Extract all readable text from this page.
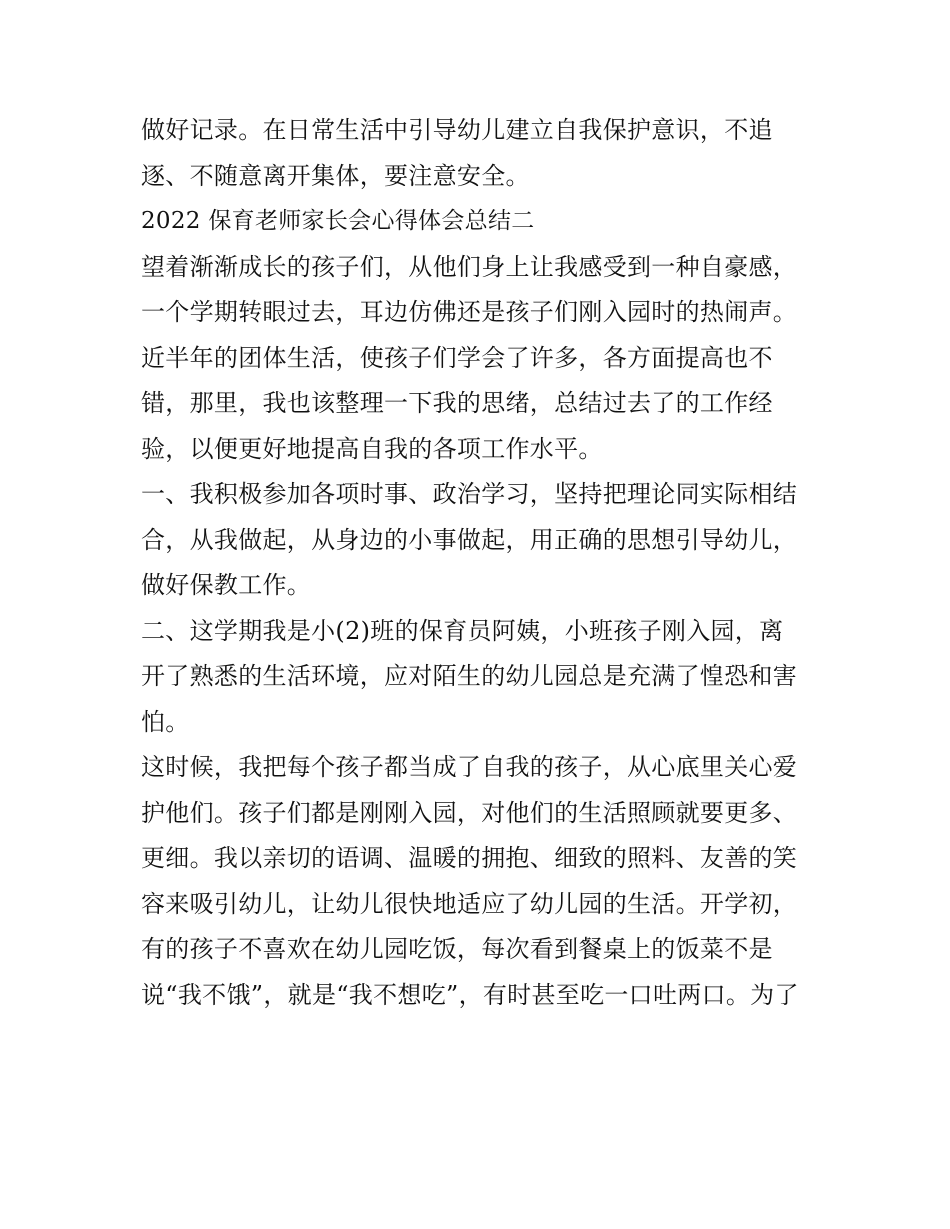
做好记录。在日常生活中引导幼儿建立自我保护意识，不追

逐、不随意离开集体，要注意安全。

2022 保育老师家长会心得体会总结二

望着渐渐成长的孩子们，从他们身上让我感受到一种自豪感，

一个学期转眼过去，耳边仿佛还是孩子们刚入园时的热闹声。

近半年的团体生活，使孩子们学会了许多，各方面提高也不

错，那里，我也该整理一下我的思绪，总结过去了的工作经

验，以便更好地提高自我的各项工作水平。

一、我积极参加各项时事、政治学习，坚持把理论同实际相结

合，从我做起，从身边的小事做起，用正确的思想引导幼儿，

做好保教工作。

二、这学期我是小(2)班的保育员阿姨，小班孩子刚入园，离

开了熟悉的生活环境，应对陌生的幼儿园总是充满了惶恐和害

怕。

这时候，我把每个孩子都当成了自我的孩子，从心底里关心爱

护他们。孩子们都是刚刚入园，对他们的生活照顾就要更多、

更细。我以亲切的语调、温暖的拥抱、细致的照料、友善的笑

容来吸引幼儿，让幼儿很快地适应了幼儿园的生活。开学初，

有的孩子不喜欢在幼儿园吃饭，每次看到餐桌上的饭菜不是

说“我不饿”，就是“我不想吃”，有时甚至吃一口吐两口。为了
